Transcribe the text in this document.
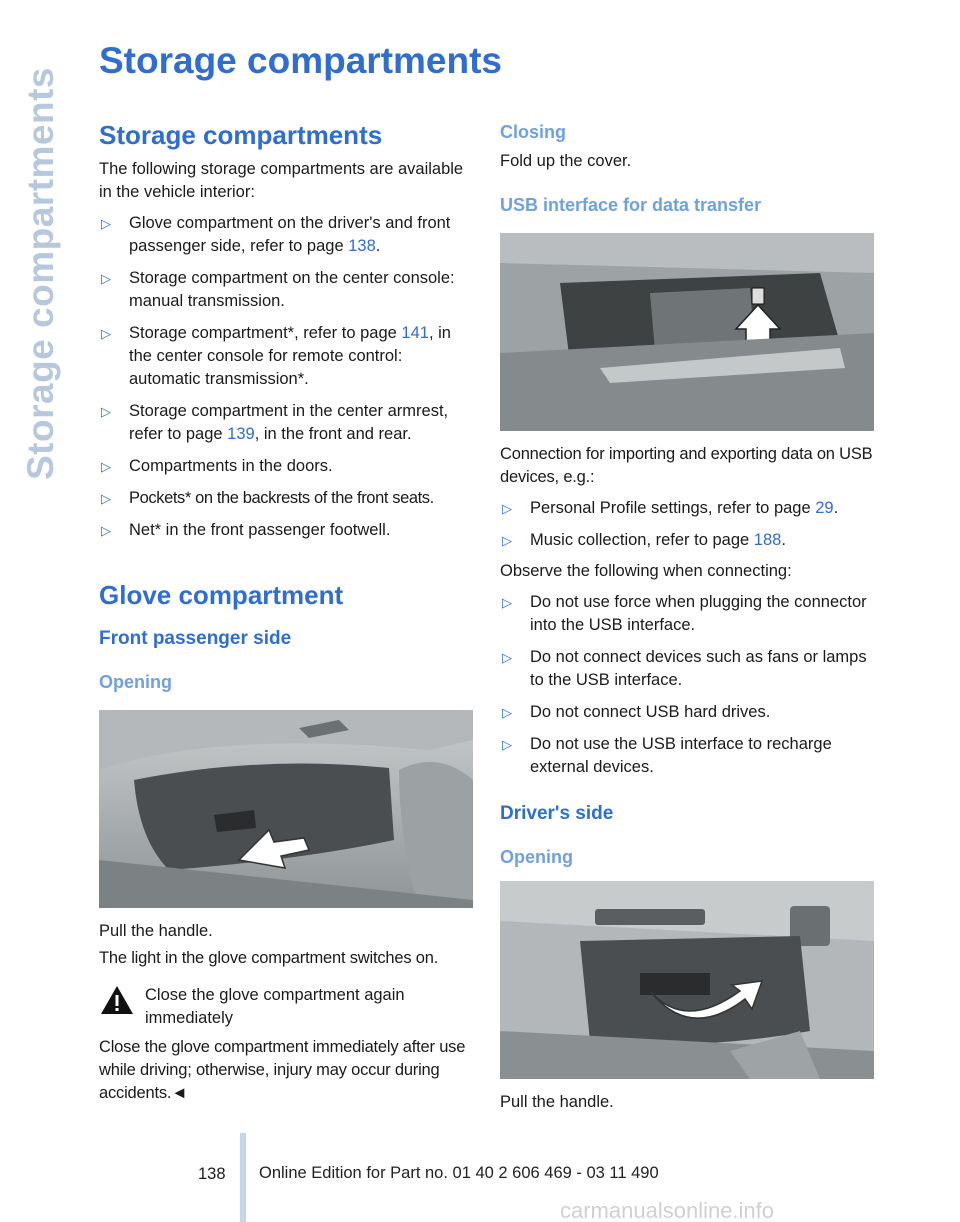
Storage compartments
Storage compartments
Storage compartments

The following storage compartments are available in the vehicle interior:

▷ Glove compartment on the driver's and front passenger side, refer to page 138.
▷ Storage compartment on the center console: manual transmission.
▷ Storage compartment*, refer to page 141, in the center console for remote control: automatic transmission*.
▷ Storage compartment in the center armrest, refer to page 139, in the front and rear.
▷ Compartments in the doors.
▷ Pockets* on the backrests of the front seats.
▷ Net* in the front passenger footwell.
Glove compartment
Front passenger side
Opening

Pull the handle.

The light in the glove compartment switches on.

Close the glove compartment again immediately

Close the glove compartment immediately after use while driving; otherwise, injury may occur during accidents.◄

Closing

Fold up the cover.

USB interface for data transfer

Connection for importing and exporting data on USB devices, e.g.:

▷ Personal Profile settings, refer to page 29.
▷ Music collection, refer to page 188.

Observe the following when connecting:

▷ Do not use force when plugging the connector into the USB interface.
▷ Do not connect devices such as fans or lamps to the USB interface.
▷ Do not connect USB hard drives.
▷ Do not use the USB interface to recharge external devices.
Driver's side
Opening

Pull the handle.

138 Online Edition for Part no. 01 40 2 606 469 - 03 11 490
carmanualsonline.info
